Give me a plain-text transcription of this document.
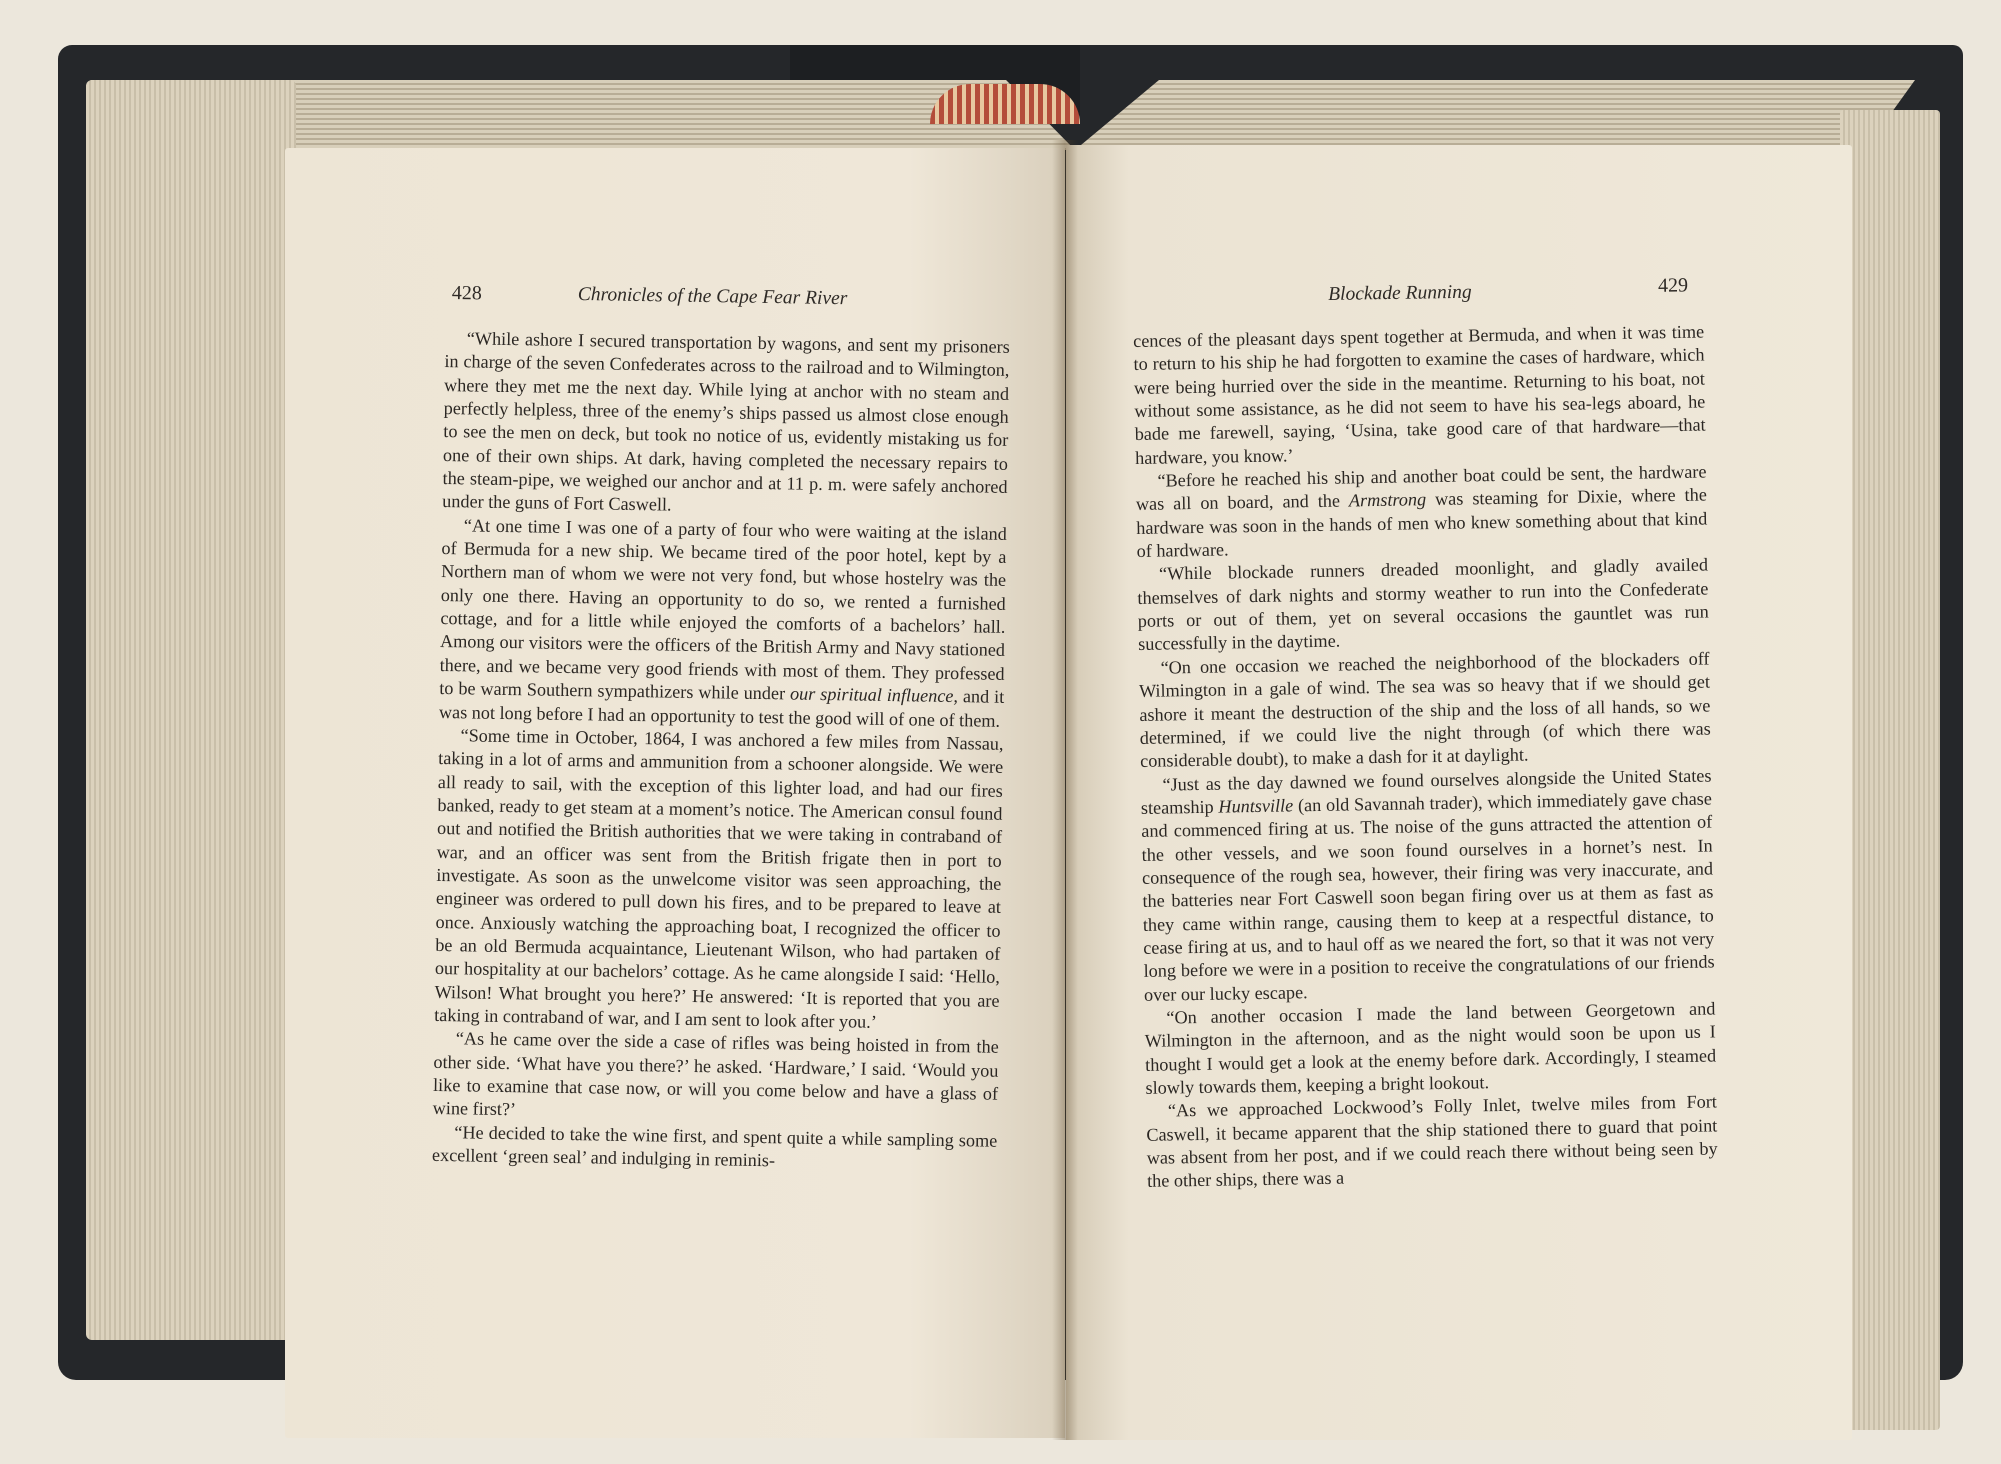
428	Chronicles of the Cape Fear River	Blockade Running	429

“While ashore I secured transportation by wagons, and sent my prisoners in charge of the seven Confederates across to the railroad and to Wilmington, where they met me the next day. While lying at anchor with no steam and perfectly helpless, three of the enemy’s ships passed us almost close enough to see the men on deck, but took no notice of us, evidently mistaking us for one of their own ships. At dark, having completed the necessary repairs to the steam-pipe, we weighed our anchor and at 11 p. m. were safely anchored under the guns of Fort Caswell.

“At one time I was one of a party of four who were waiting at the island of Bermuda for a new ship. We became tired of the poor hotel, kept by a Northern man of whom we were not very fond, but whose hostelry was the only one there. Having an opportunity to do so, we rented a furnished cottage, and for a little while enjoyed the comforts of a bachelors’ hall. Among our visitors were the officers of the British Army and Navy stationed there, and we became very good friends with most of them. They professed to be warm Southern sympathizers while under our spiritual influence, and it was not long before I had an opportunity to test the good will of one of them.

“Some time in October, 1864, I was anchored a few miles from Nassau, taking in a lot of arms and ammunition from a schooner alongside. We were all ready to sail, with the exception of this lighter load, and had our fires banked, ready to get steam at a moment’s notice. The American consul found out and notified the British authorities that we were taking in contraband of war, and an officer was sent from the British frigate then in port to investigate. As soon as the unwelcome visitor was seen approaching, the engineer was ordered to pull down his fires, and to be prepared to leave at once. Anxiously watching the approaching boat, I recognized the officer to be an old Bermuda acquaintance, Lieutenant Wilson, who had partaken of our hospitality at our bachelors’ cottage. As he came alongside I said: ‘Hello, Wilson! What brought you here?’ He answered: ‘It is reported that you are taking in contraband of war, and I am sent to look after you.’

“As he came over the side a case of rifles was being hoisted in from the other side. ‘What have you there?’ he asked. ‘Hardware,’ I said. ‘Would you like to examine that case now, or will you come below and have a glass of wine first?’

“He decided to take the wine first, and spent quite a while sampling some excellent ‘green seal’ and indulging in reminis-

cences of the pleasant days spent together at Bermuda, and when it was time to return to his ship he had forgotten to examine the cases of hardware, which were being hurried over the side in the meantime. Returning to his boat, not without some assistance, as he did not seem to have his sea-legs aboard, he bade me farewell, saying, ‘Usina, take good care of that hardware—that hardware, you know.’

“Before he reached his ship and another boat could be sent, the hardware was all on board, and the Armstrong was steaming for Dixie, where the hardware was soon in the hands of men who knew something about that kind of hardware.

“While blockade runners dreaded moonlight, and gladly availed themselves of dark nights and stormy weather to run into the Confederate ports or out of them, yet on several occasions the gauntlet was run successfully in the daytime.

“On one occasion we reached the neighborhood of the blockaders off Wilmington in a gale of wind. The sea was so heavy that if we should get ashore it meant the destruction of the ship and the loss of all hands, so we determined, if we could live the night through (of which there was considerable doubt), to make a dash for it at daylight.

“Just as the day dawned we found ourselves alongside the United States steamship Huntsville (an old Savannah trader), which immediately gave chase and commenced firing at us. The noise of the guns attracted the attention of the other vessels, and we soon found ourselves in a hornet’s nest. In consequence of the rough sea, however, their firing was very inaccurate, and the batteries near Fort Caswell soon began firing over us at them as fast as they came within range, causing them to keep at a respectful distance, to cease firing at us, and to haul off as we neared the fort, so that it was not very long before we were in a position to receive the congratulations of our friends over our lucky escape.

“On another occasion I made the land between Georgetown and Wilmington in the afternoon, and as the night would soon be upon us I thought I would get a look at the enemy before dark. Accordingly, I steamed slowly towards them, keeping a bright lookout.

“As we approached Lockwood’s Folly Inlet, twelve miles from Fort Caswell, it became apparent that the ship stationed there to guard that point was absent from her post, and if we could reach there without being seen by the other ships, there was a
